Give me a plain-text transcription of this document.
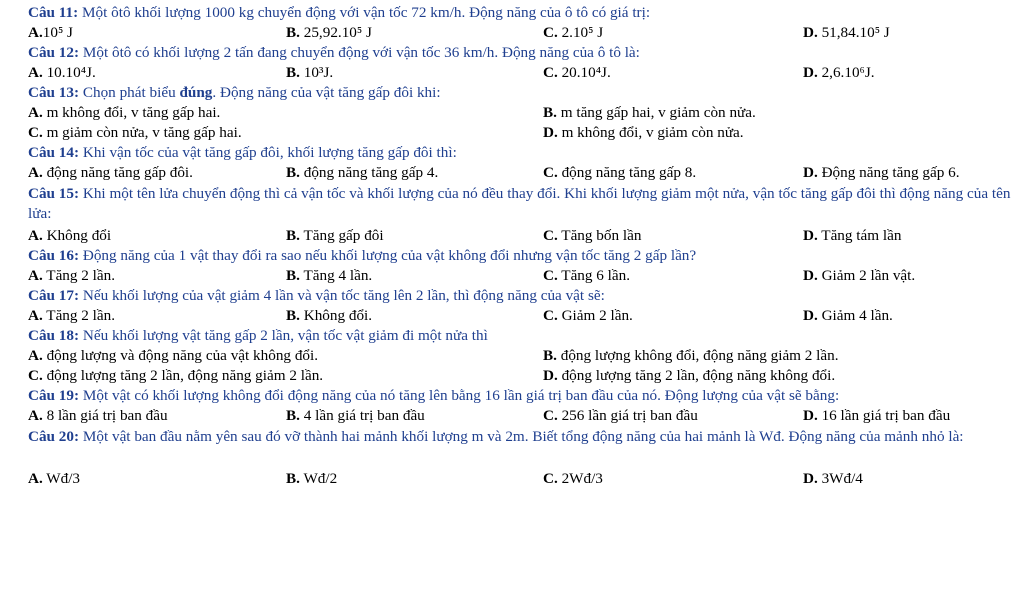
Câu 11: Một ôtô khối lượng 1000 kg chuyển động với vận tốc 72 km/h. Động năng của ô tô có giá trị:
A.10⁵ J	B. 25,92.10⁵ J	C. 2.10⁵ J	D. 51,84.10⁵ J
Câu 12: Một ôtô có khối lượng 2 tấn đang chuyển động với vận tốc 36 km/h. Động năng của ô tô là:
A. 10.10⁴J.	B. 10³J.	C. 20.10⁴J.	D. 2,6.10⁶J.
Câu 13: Chọn phát biểu đúng. Động năng của vật tăng gấp đôi khi:
A. m không đổi, v tăng gấp hai.	B. m tăng gấp hai, v giảm còn nửa.
C. m giảm còn nửa, v tăng gấp hai.	D. m không đổi, v giảm còn nửa.
Câu 14: Khi vận tốc của vật tăng gấp đôi, khối lượng tăng gấp đôi thì:
A. động năng tăng gấp đôi.	B. động năng tăng gấp 4.	C. động năng tăng gấp 8.	D. Động năng tăng gấp 6.
Câu 15: Khi một tên lửa chuyển động thì cả vận tốc và khối lượng của nó đều thay đổi. Khi khối lượng giảm một nửa, vận tốc tăng gấp đôi thì động năng của tên lửa:
A. Không đổi	B. Tăng gấp đôi	C. Tăng bốn lần	D. Tăng tám lần
Câu 16: Động năng của 1 vật thay đổi ra sao nếu khối lượng của vật không đổi nhưng vận tốc tăng 2 gấp lần?
A. Tăng 2 lần.	B. Tăng 4 lần.	C. Tăng 6 lần.	D. Giảm 2 lần vật.
Câu 17: Nếu khối lượng của vật giảm 4 lần và vận tốc tăng lên 2 lần, thì động năng của vật sẽ:
A. Tăng 2 lần.	B. Không đổi.	C. Giảm 2 lần.	D. Giảm 4 lần.
Câu 18: Nếu khối lượng vật tăng gấp 2 lần, vận tốc vật giảm đi một nửa thì
A. động lượng và động năng của vật không đổi.	B. động lượng không đổi, động năng giảm 2 lần.
C. động lượng tăng 2 lần, động năng giảm 2 lần.	D. động lượng tăng 2 lần, động năng không đổi.
Câu 19: Một vật có khối lượng không đổi động năng của nó tăng lên bằng 16 lần giá trị ban đầu của nó. Động lượng của vật sẽ bằng:
A. 8 lần giá trị ban đầu	B. 4 lần giá trị ban đầu	C. 256 lần giá trị ban đầu	D. 16 lần giá trị ban đầu
Câu 20: Một vật ban đầu nằm yên sau đó vỡ thành hai mảnh khối lượng m và 2m. Biết tổng động năng của hai mảnh là Wđ. Động năng của mảnh nhỏ là:
A. Wđ/3	B. Wđ/2	C. 2Wđ/3	D. 3Wđ/4
